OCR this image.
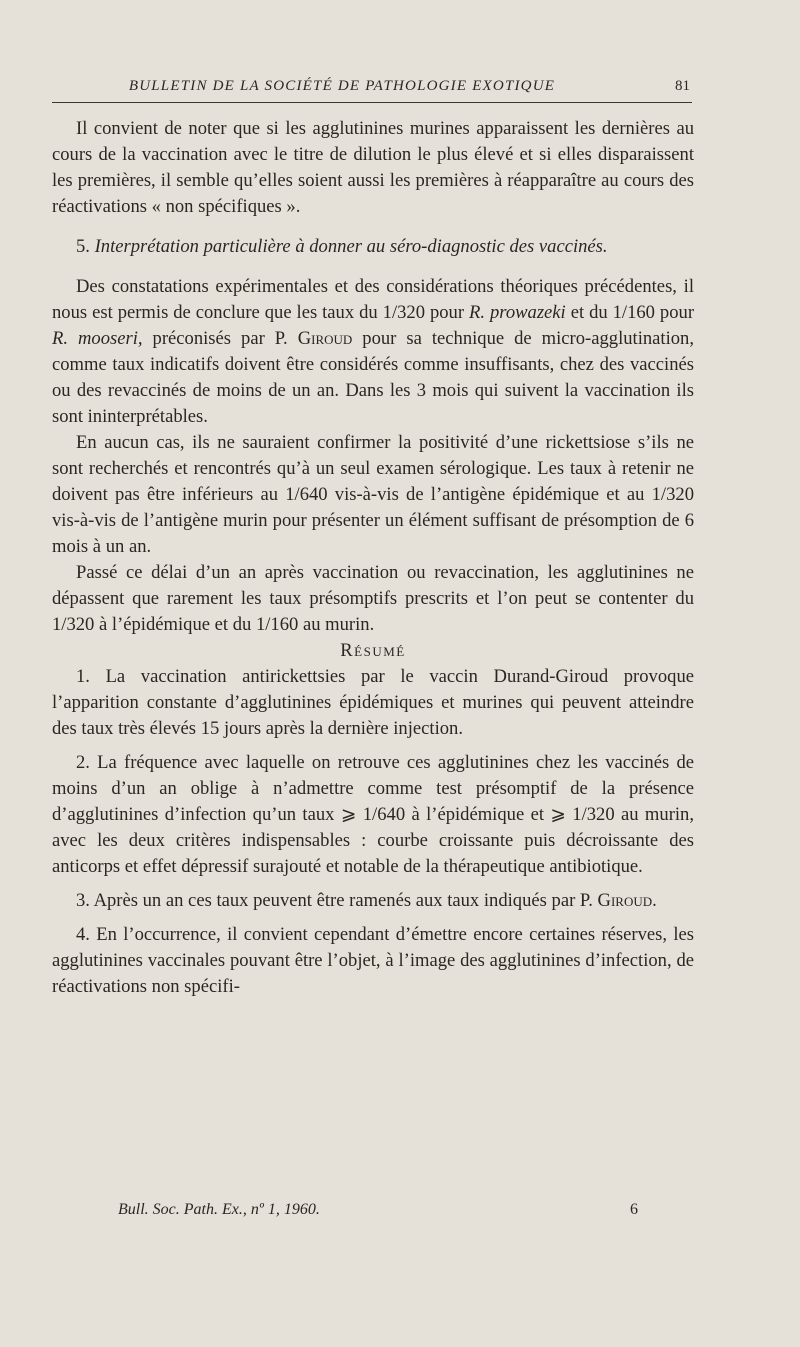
BULLETIN DE LA SOCIÉTÉ DE PATHOLOGIE EXOTIQUE	81

Il convient de noter que si les agglutinines murines apparaissent les dernières au cours de la vaccination avec le titre de dilution le plus élevé et si elles disparaissent les premières, il semble qu’elles soient aussi les premières à réapparaître au cours des réactivations « non spécifiques ».

5. Interprétation particulière à donner au séro-diagnostic des vaccinés.

Des constatations expérimentales et des considérations théoriques précédentes, il nous est permis de conclure que les taux du 1/320 pour R. prowazeki et du 1/160 pour R. mooseri, préconisés par P. Giroud pour sa technique de micro-agglutination, comme taux indicatifs doivent être considérés comme insuffisants, chez des vaccinés ou des revaccinés de moins de un an. Dans les 3 mois qui suivent la vaccination ils sont ininterprétables.

En aucun cas, ils ne sauraient confirmer la positivité d’une rickettsiose s’ils ne sont recherchés et rencontrés qu’à un seul examen sérologique. Les taux à retenir ne doivent pas être inférieurs au 1/640 vis-à-vis de l’antigène épidémique et au 1/320 vis-à-vis de l’antigène murin pour présenter un élément suffisant de présomption de 6 mois à un an.

Passé ce délai d’un an après vaccination ou revaccination, les agglutinines ne dépassent que rarement les taux présomptifs prescrits et l’on peut se contenter du 1/320 à l’épidémique et du 1/160 au murin.

Résumé

1. La vaccination antirickettsies par le vaccin Durand-Giroud provoque l’apparition constante d’agglutinines épidémiques et murines qui peuvent atteindre des taux très élevés 15 jours après la dernière injection.

2. La fréquence avec laquelle on retrouve ces agglutinines chez les vaccinés de moins d’un an oblige à n’admettre comme test présomptif de la présence d’agglutinines d’infection qu’un taux ⩾ 1/640 à l’épidémique et ⩾ 1/320 au murin, avec les deux critères indispensables : courbe croissante puis décroissante des anticorps et effet dépressif surajouté et notable de la thérapeutique antibiotique.

3. Après un an ces taux peuvent être ramenés aux taux indiqués par P. Giroud.

4. En l’occurrence, il convient cependant d’émettre encore certaines réserves, les agglutinines vaccinales pouvant être l’objet, à l’image des agglutinines d’infection, de réactivations non spécifi-

Bull. Soc. Path. Ex., nº 1, 1960.	6
